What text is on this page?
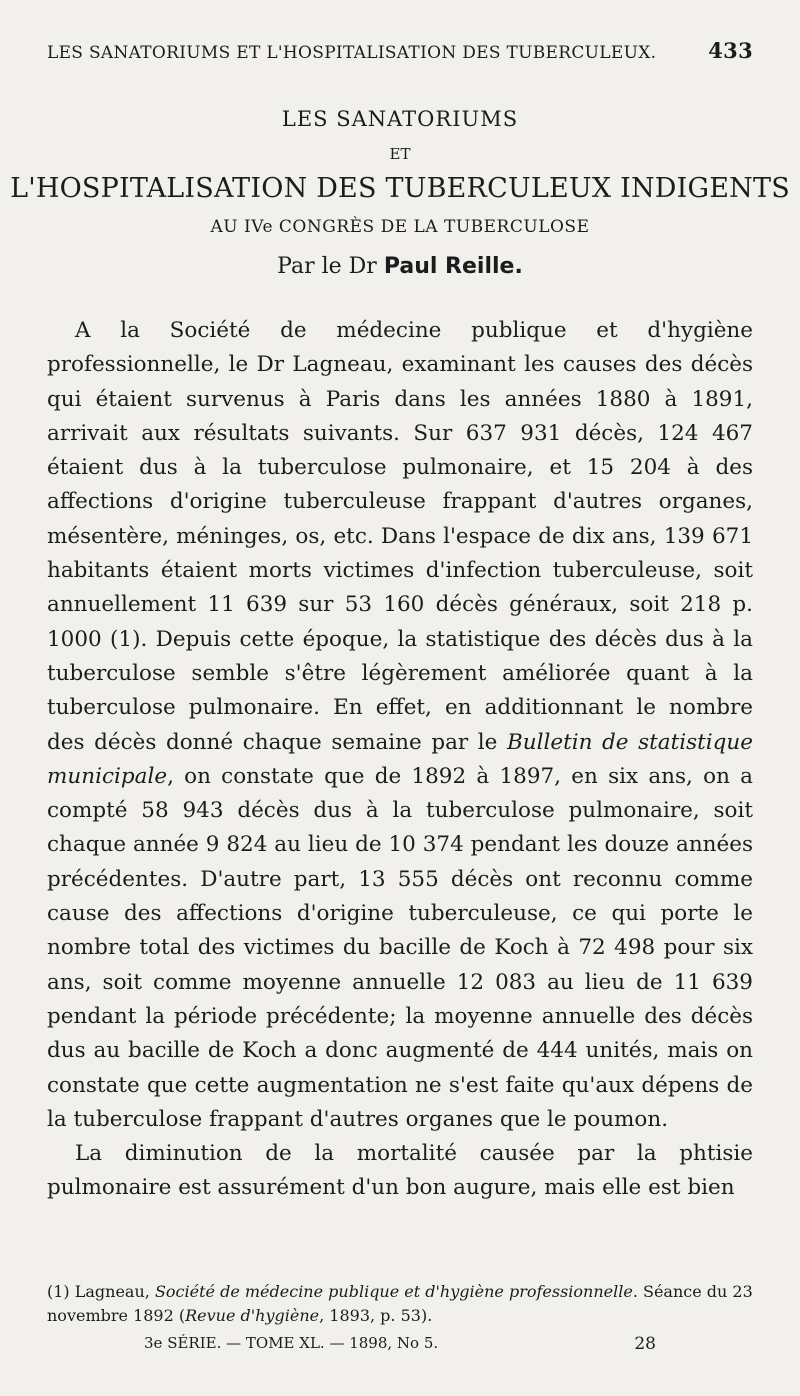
LES SANATORIUMS ET L'HOSPITALISATION DES TUBERCULEUX. 433

LES SANATORIUMS

ET

L'HOSPITALISATION DES TUBERCULEUX INDIGENTS

AU IVe CONGRÈS DE LA TUBERCULOSE

Par le Dr Paul Reille.

A la Société de médecine publique et d'hygiène professionnelle, le Dr Lagneau, examinant les causes des décès qui étaient survenus à Paris dans les années 1880 à 1891, arrivait aux résultats suivants. Sur 637 931 décès, 124 467 étaient dus à la tuberculose pulmonaire, et 15 204 à des affections d'origine tuberculeuse frappant d'autres organes, mésentère, méninges, os, etc. Dans l'espace de dix ans, 139 671 habitants étaient morts victimes d'infection tuberculeuse, soit annuellement 11 639 sur 53 160 décès généraux, soit 218 p. 1000 (1). Depuis cette époque, la statistique des décès dus à la tuberculose semble s'être légèrement améliorée quant à la tuberculose pulmonaire. En effet, en additionnant le nombre des décès donné chaque semaine par le Bulletin de statistique municipale, on constate que de 1892 à 1897, en six ans, on a compté 58 943 décès dus à la tuberculose pulmonaire, soit chaque année 9 824 au lieu de 10 374 pendant les douze années précédentes. D'autre part, 13 555 décès ont reconnu comme cause des affections d'origine tuberculeuse, ce qui porte le nombre total des victimes du bacille de Koch à 72 498 pour six ans, soit comme moyenne annuelle 12 083 au lieu de 11 639 pendant la période précédente; la moyenne annuelle des décès dus au bacille de Koch a donc augmenté de 444 unités, mais on constate que cette augmentation ne s'est faite qu'aux dépens de la tuberculose frappant d'autres organes que le poumon.

La diminution de la mortalité causée par la phtisie pulmonaire est assurément d'un bon augure, mais elle est bien

(1) Lagneau, Société de médecine publique et d'hygiène professionnelle. Séance du 23 novembre 1892 (Revue d'hygiène, 1893, p. 53).

3e SÉRIE. — TOME XL. — 1898, No 5.	28
